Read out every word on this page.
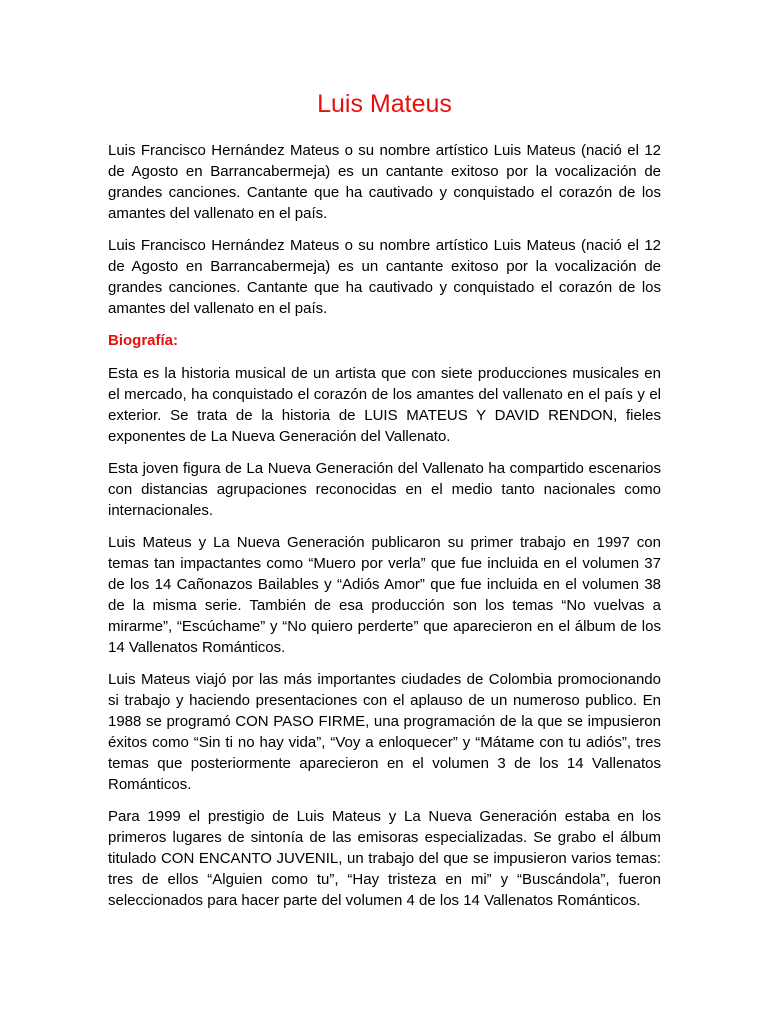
Luis Mateus

Luis Francisco Hernández Mateus o su nombre artístico Luis Mateus (nació el 12 de Agosto en Barrancabermeja) es un cantante exitoso por la vocalización de grandes canciones. Cantante que ha cautivado y conquistado el corazón de los amantes del vallenato en el país.

Luis Francisco Hernández Mateus o su nombre artístico Luis Mateus (nació el 12 de Agosto en Barrancabermeja) es un cantante exitoso por la vocalización de grandes canciones. Cantante que ha cautivado y conquistado el corazón de los amantes del vallenato en el país.

Biografía:

Esta es la historia musical de un artista que con siete producciones musicales en el mercado, ha conquistado el corazón de los amantes del vallenato en el país y el exterior. Se trata de la historia de LUIS MATEUS Y DAVID RENDON, fieles exponentes de La Nueva Generación del Vallenato.

Esta joven figura de La Nueva Generación del Vallenato ha compartido escenarios con distancias agrupaciones reconocidas en el medio tanto nacionales como internacionales.

Luis Mateus y La Nueva Generación publicaron su primer trabajo en 1997 con temas tan impactantes como “Muero por verla” que fue incluida en el volumen 37 de los 14 Cañonazos Bailables y “Adiós Amor” que fue incluida en el volumen 38 de la misma serie. También de esa producción son los temas “No vuelvas a mirarme”, “Escúchame” y “No quiero perderte” que aparecieron en el álbum de los 14 Vallenatos Románticos.

Luis Mateus viajó por las más importantes ciudades de Colombia promocionando si trabajo y haciendo presentaciones con el aplauso de un numeroso publico. En 1988 se programó CON PASO FIRME, una programación de la que se impusieron éxitos como “Sin ti no hay vida”, “Voy a enloquecer” y “Mátame con tu adiós”, tres temas que posteriormente aparecieron en el volumen 3 de los 14 Vallenatos Románticos.

Para 1999 el prestigio de Luis Mateus y La Nueva Generación estaba en los primeros lugares de sintonía de las emisoras especializadas. Se grabo el álbum titulado CON ENCANTO JUVENIL, un trabajo del que se impusieron varios temas: tres de ellos “Alguien como tu”, “Hay tristeza en mi” y “Buscándola”, fueron seleccionados para hacer parte del volumen 4 de los 14 Vallenatos Románticos.
